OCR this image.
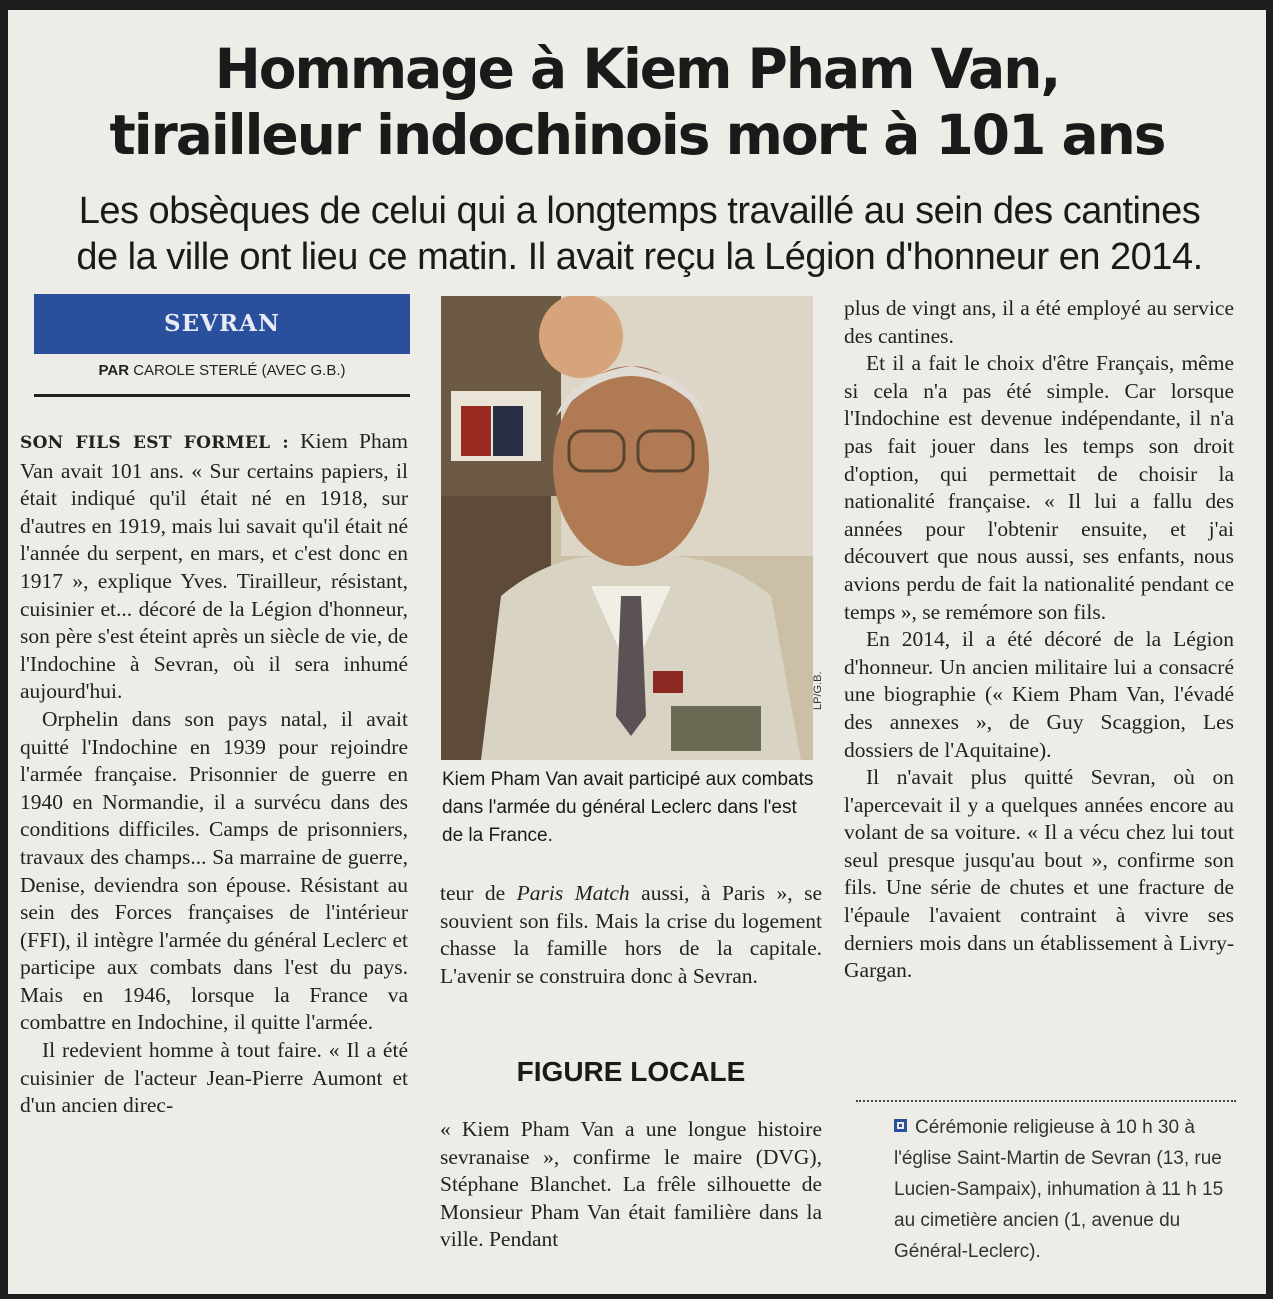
Hommage à Kiem Pham Van,
tirailleur indochinois mort à 101 ans
Les obsèques de celui qui a longtemps travaillé au sein des cantines
de la ville ont lieu ce matin. Il avait reçu la Légion d'honneur en 2014.
SEVRAN
PAR CAROLE STERLÉ (AVEC G.B.)

SON FILS EST FORMEL : Kiem Pham Van avait 101 ans. « Sur certains papiers, il était indiqué qu'il était né en 1918, sur d'autres en 1919, mais lui savait qu'il était né l'année du serpent, en mars, et c'est donc en 1917 », explique Yves. Tirailleur, résistant, cuisinier et... décoré de la Légion d'honneur, son père s'est éteint après un siècle de vie, de l'Indochine à Sevran, où il sera inhumé aujourd'hui.

Orphelin dans son pays natal, il avait quitté l'Indochine en 1939 pour rejoindre l'armée française. Prisonnier de guerre en 1940 en Normandie, il a survécu dans des conditions difficiles. Camps de prisonniers, travaux des champs... Sa marraine de guerre, Denise, deviendra son épouse. Résistant au sein des Forces françaises de l'intérieur (FFI), il intègre l'armée du général Leclerc et participe aux combats dans l'est du pays. Mais en 1946, lorsque la France va combattre en Indochine, il quitte l'armée.

Il redevient homme à tout faire. « Il a été cuisinier de l'acteur Jean-Pierre Aumont et d'un ancien direc-

LP/G.B.
Kiem Pham Van avait participé aux combats dans l'armée du général Leclerc dans l'est de la France.

teur de Paris Match aussi, à Paris », se souvient son fils. Mais la crise du logement chasse la famille hors de la capitale. L'avenir se construira donc à Sevran.

FIGURE LOCALE

« Kiem Pham Van a une longue histoire sevranaise », confirme le maire (DVG), Stéphane Blanchet. La frêle silhouette de Monsieur Pham Van était familière dans la ville. Pendant

plus de vingt ans, il a été employé au service des cantines.

Et il a fait le choix d'être Français, même si cela n'a pas été simple. Car lorsque l'Indochine est devenue indépendante, il n'a pas fait jouer dans les temps son droit d'option, qui permettait de choisir la nationalité française. « Il lui a fallu des années pour l'obtenir ensuite, et j'ai découvert que nous aussi, ses enfants, nous avions perdu de fait la nationalité pendant ce temps », se remémore son fils.

En 2014, il a été décoré de la Légion d'honneur. Un ancien militaire lui a consacré une biographie (« Kiem Pham Van, l'évadé des annexes », de Guy Scaggion, Les dossiers de l'Aquitaine).

Il n'avait plus quitté Sevran, où on l'apercevait il y a quelques années encore au volant de sa voiture. « Il a vécu chez lui tout seul presque jusqu'au bout », confirme son fils. Une série de chutes et une fracture de l'épaule l'avaient contraint à vivre ses derniers mois dans un établissement à Livry-Gargan.

Cérémonie religieuse à 10 h 30 à l'église Saint-Martin de Sevran (13, rue Lucien-Sampaix), inhumation à 11 h 15 au cimetière ancien (1, avenue du Général-Leclerc).
